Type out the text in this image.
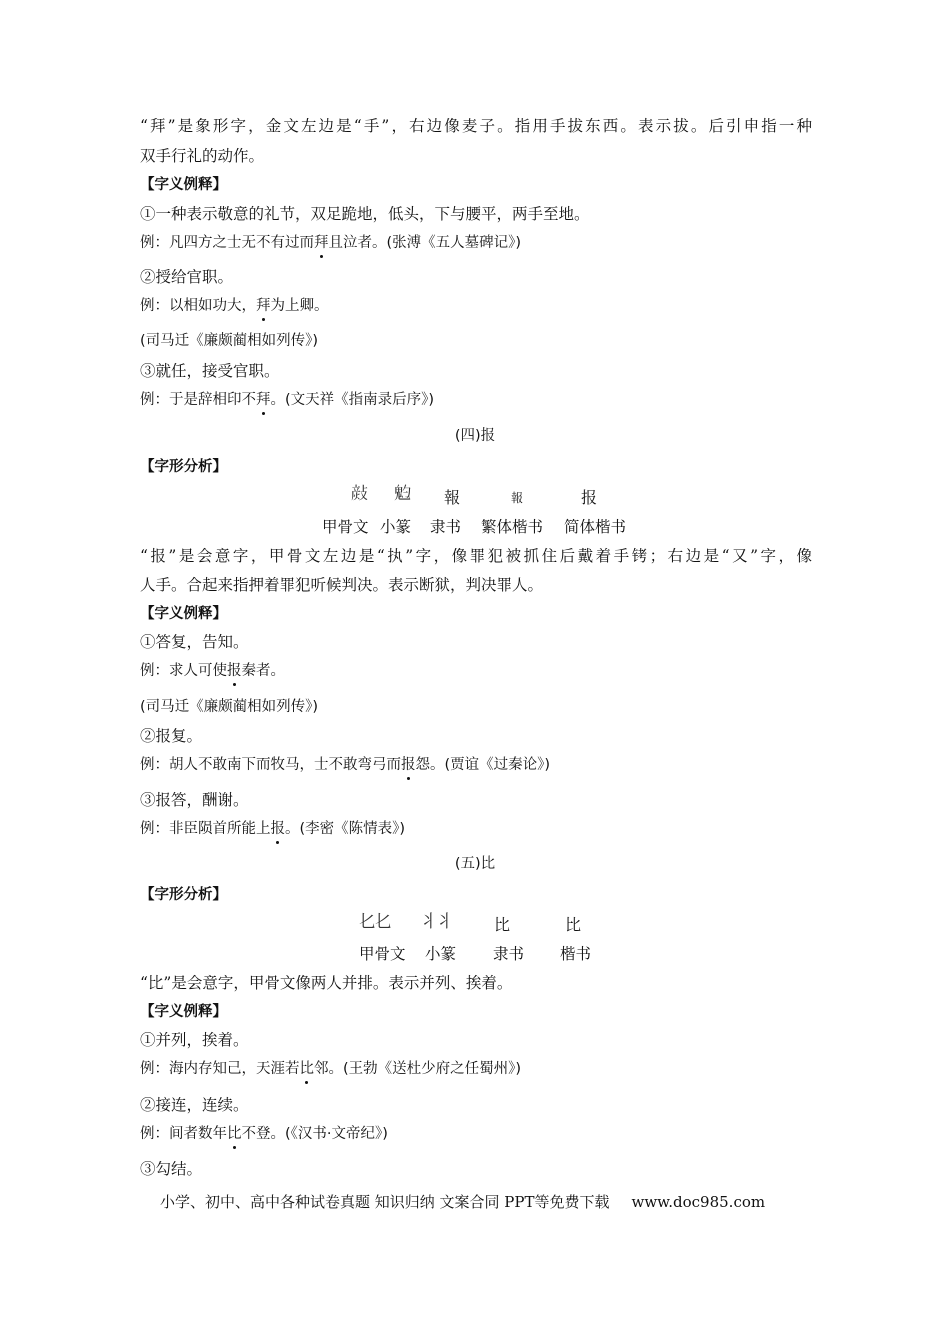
“拜”是象形字，金文左边是“手”，右边像麦子。指用手拔东西。表示拔。后引申指一种
双手行礼的动作。
【字义例释】
①一种表示敬意的礼节，双足跪地，低头，下与腰平，两手至地。
例：凡四方之士无不有过而拜且泣者。(张溥《五人墓碑记》)
②授给官职。
例：以相如功大，拜为上卿。
(司马迁《廉颇蔺相如列传》)
③就任，接受官职。
例：于是辞相印不拜。(文天祥《指南录后序》)
(四)报
【字形分析】
𢾬	𩲃	報	報	报
甲骨文 小篆 隶书 繁体楷书 简体楷书
“报”是会意字，甲骨文左边是“执”字，像罪犯被抓住后戴着手铐；右边是“又”字，像
人手。合起来指押着罪犯听候判决。表示断狱，判决罪人。
【字义例释】
①答复，告知。
例：求人可使报秦者。
(司马迁《廉颇蔺相如列传》)
②报复。
例：胡人不敢南下而牧马，士不敢弯弓而报怨。(贾谊《过秦论》)
③报答，酬谢。
例：非臣陨首所能上报。(李密《陈情表》)
(五)比
【字形分析】
𠤎𠤎 ⺦⺦	比	比
甲骨文 小篆 隶书 楷书
“比”是会意字，甲骨文像两人并排。表示并列、挨着。
【字义例释】
①并列，挨着。
例：海内存知己，天涯若比邻。(王勃《送杜少府之任蜀州》)
②接连，连续。
例：间者数年比不登。(《汉书·文帝纪》)
③勾结。
小学、初中、高中各种试卷真题 知识归纳 文案合同 PPT等免费下载 www.doc985.com
